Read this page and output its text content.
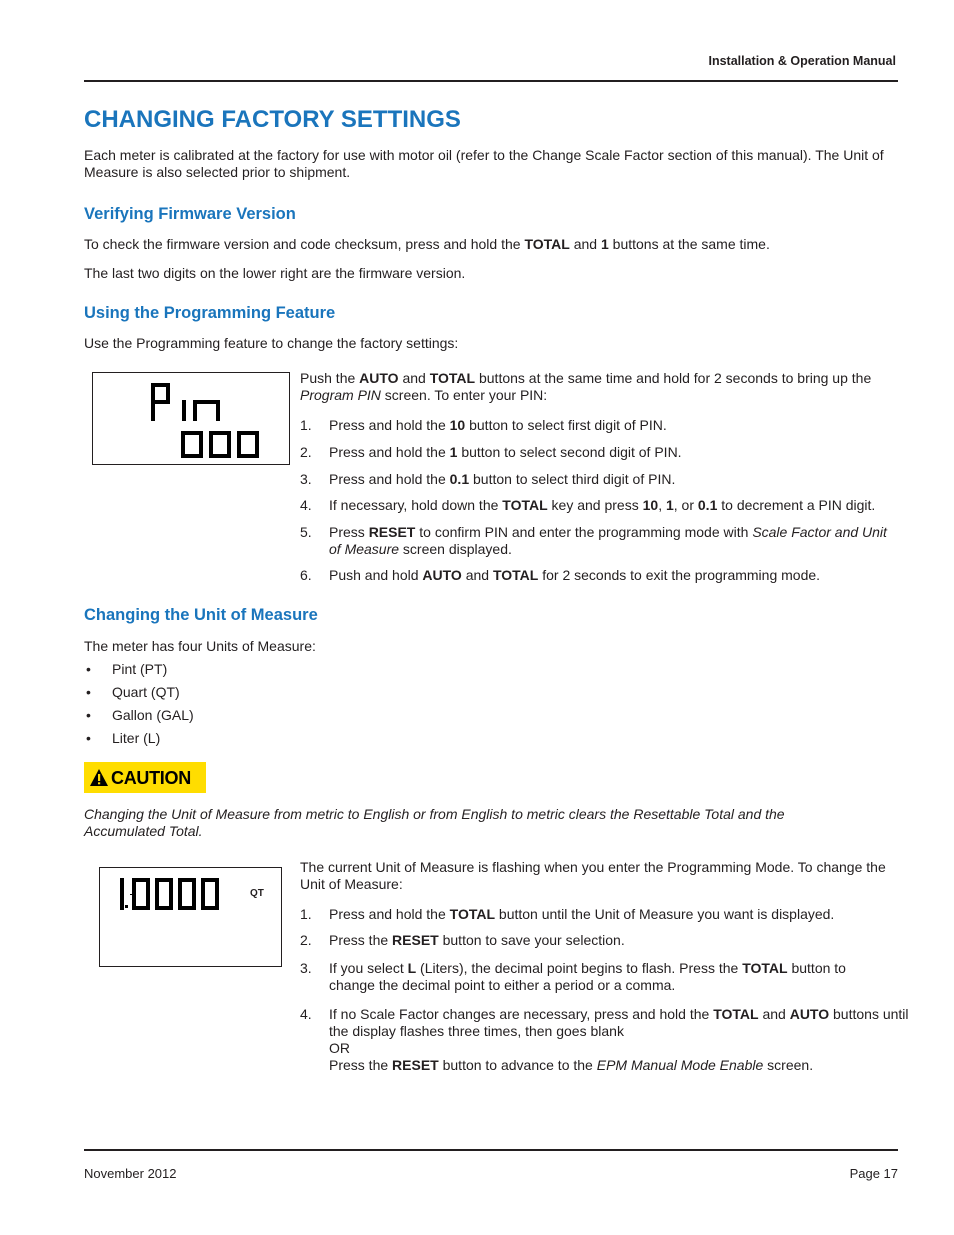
Installation & Operation Manual
CHANGING FACTORY SETTINGS

Each meter is calibrated at the factory for use with motor oil (refer to the Change Scale Factor section of this manual). The Unit of Measure is also selected prior to shipment.

Verifying Firmware Version

To check the firmware version and code checksum, press and hold the TOTAL and 1 buttons at the same time.

The last two digits on the lower right are the firmware version.

Using the Programming Feature

Use the Programming feature to change the factory settings:

Push the AUTO and TOTAL buttons at the same time and hold for 2 seconds to bring up the Program PIN screen. To enter your PIN:

1. Press and hold the 10 button to select first digit of PIN.
2. Press and hold the 1 button to select second digit of PIN.
3. Press and hold the 0.1 button to select third digit of PIN.
4. If necessary, hold down the TOTAL key and press 10, 1, or 0.1 to decrement a PIN digit.
5. Press RESET to confirm PIN and enter the programming mode with Scale Factor and Unit of Measure screen displayed.
6. Push and hold AUTO and TOTAL for 2 seconds to exit the programming mode.
Changing the Unit of Measure

The meter has four Units of Measure:

• Pint (PT)
• Quart (QT)
• Gallon (GAL)
• Liter (L)
CAUTION

Changing the Unit of Measure from metric to English or from English to metric clears the Resettable Total and the Accumulated Total.

QT

The current Unit of Measure is flashing when you enter the Programming Mode. To change the Unit of Measure:

1. Press and hold the TOTAL button until the Unit of Measure you want is displayed.
2. Press the RESET button to save your selection.
3. If you select L (Liters), the decimal point begins to flash. Press the TOTAL button to change the decimal point to either a period or a comma.
4. If no Scale Factor changes are necessary, press and hold the TOTAL and AUTO buttons until the display flashes three times, then goes blank
OR
Press the RESET button to advance to the EPM Manual Mode Enable screen.
November 2012	Page 17
